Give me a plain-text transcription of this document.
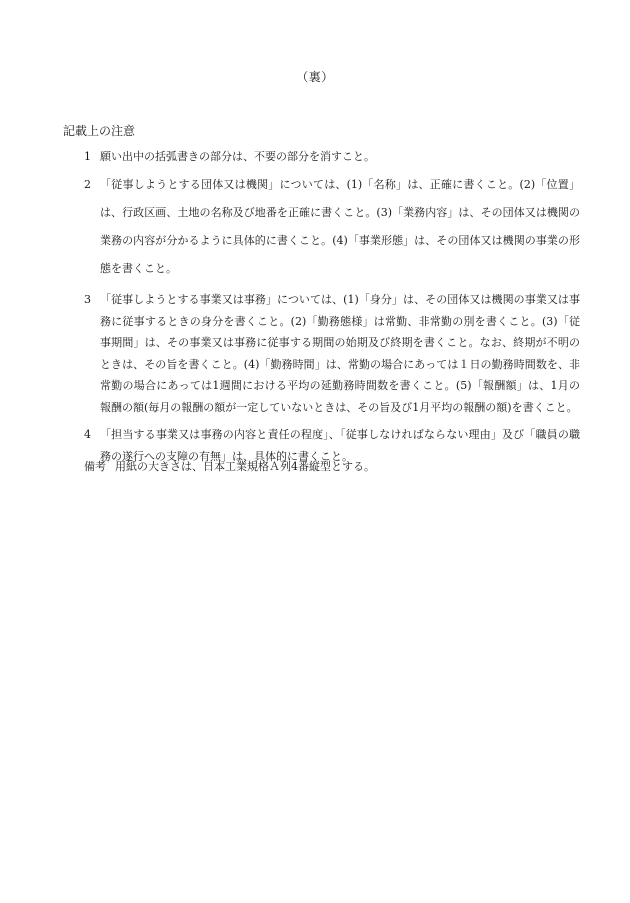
（裏）
記載上の注意
1 願い出中の括弧書きの部分は、不要の部分を消すこと。
2 「従事しようとする団体又は機関」については、(1)「名称」は、正確に書くこと。(2)「位置」は、行政区画、土地の名称及び地番を正確に書くこと。(3)「業務内容」は、その団体又は機関の業務の内容が分かるように具体的に書くこと。(4)「事業形態」は、その団体又は機関の事業の形態を書くこと。
3 「従事しようとする事業又は事務」については、(1)「身分」は、その団体又は機関の事業又は事務に従事するときの身分を書くこと。(2)「勤務態様」は常勤、非常勤の別を書くこと。(3)「従事期間」は、その事業又は事務に従事する期間の始期及び終期を書くこと。なお、終期が不明のときは、その旨を書くこと。(4)「勤務時間」は、常勤の場合にあっては１日の勤務時間数を、非常勤の場合にあっては1週間における平均の延勤務時間数を書くこと。(5)「報酬額」は、1月の報酬の額(毎月の報酬の額が一定していないときは、その旨及び1月平均の報酬の額)を書くこと。
4 「担当する事業又は事務の内容と責任の程度」、「従事しなければならない理由」及び「職員の職務の遂行への支障の有無」は、具体的に書くこと。
備考 用紙の大きさは、日本工業規格Ａ列4番縦型とする。
